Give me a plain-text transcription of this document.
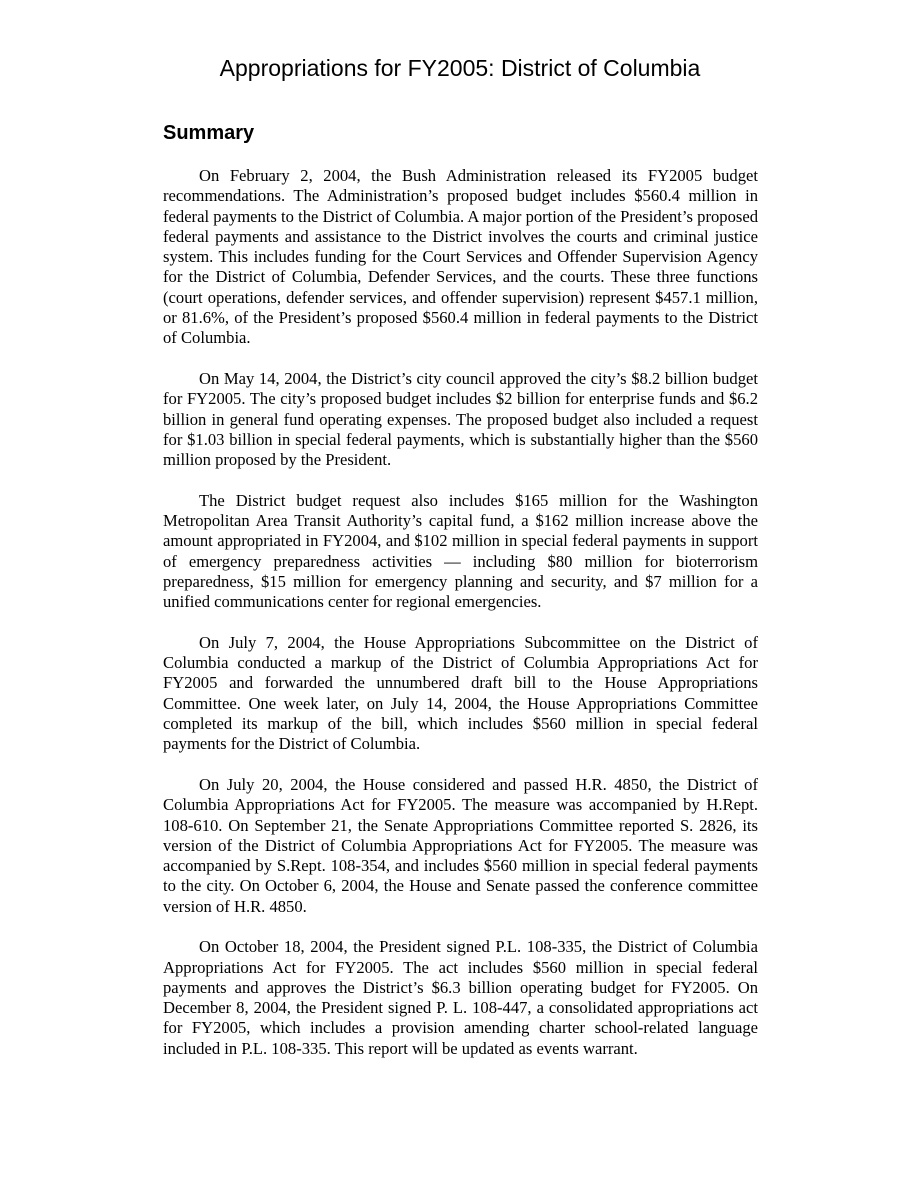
Appropriations for FY2005: District of Columbia
Summary

On February 2, 2004, the Bush Administration released its FY2005 budget recommendations. The Administration’s proposed budget includes $560.4 million in federal payments to the District of Columbia. A major portion of the President’s proposed federal payments and assistance to the District involves the courts and criminal justice system. This includes funding for the Court Services and Offender Supervision Agency for the District of Columbia, Defender Services, and the courts. These three functions (court operations, defender services, and offender supervision) represent $457.1 million, or 81.6%, of the President’s proposed $560.4 million in federal payments to the District of Columbia.

On May 14, 2004, the District’s city council approved the city’s $8.2 billion budget for FY2005. The city’s proposed budget includes $2 billion for enterprise funds and $6.2 billion in general fund operating expenses. The proposed budget also included a request for $1.03 billion in special federal payments, which is substantially higher than the $560 million proposed by the President.

The District budget request also includes $165 million for the Washington Metropolitan Area Transit Authority’s capital fund, a $162 million increase above the amount appropriated in FY2004, and $102 million in special federal payments in support of emergency preparedness activities — including $80 million for bioterrorism preparedness, $15 million for emergency planning and security, and $7 million for a unified communications center for regional emergencies.

On July 7, 2004, the House Appropriations Subcommittee on the District of Columbia conducted a markup of the District of Columbia Appropriations Act for FY2005 and forwarded the unnumbered draft bill to the House Appropriations Committee. One week later, on July 14, 2004, the House Appropriations Committee completed its markup of the bill, which includes $560 million in special federal payments for the District of Columbia.

On July 20, 2004, the House considered and passed H.R. 4850, the District of Columbia Appropriations Act for FY2005. The measure was accompanied by H.Rept. 108-610. On September 21, the Senate Appropriations Committee reported S. 2826, its version of the District of Columbia Appropriations Act for FY2005. The measure was accompanied by S.Rept. 108-354, and includes $560 million in special federal payments to the city. On October 6, 2004, the House and Senate passed the conference committee version of H.R. 4850.

On October 18, 2004, the President signed P.L. 108-335, the District of Columbia Appropriations Act for FY2005. The act includes $560 million in special federal payments and approves the District’s $6.3 billion operating budget for FY2005. On December 8, 2004, the President signed P. L. 108-447, a consolidated appropriations act for FY2005, which includes a provision amending charter school-related language included in P.L. 108-335. This report will be updated as events warrant.
